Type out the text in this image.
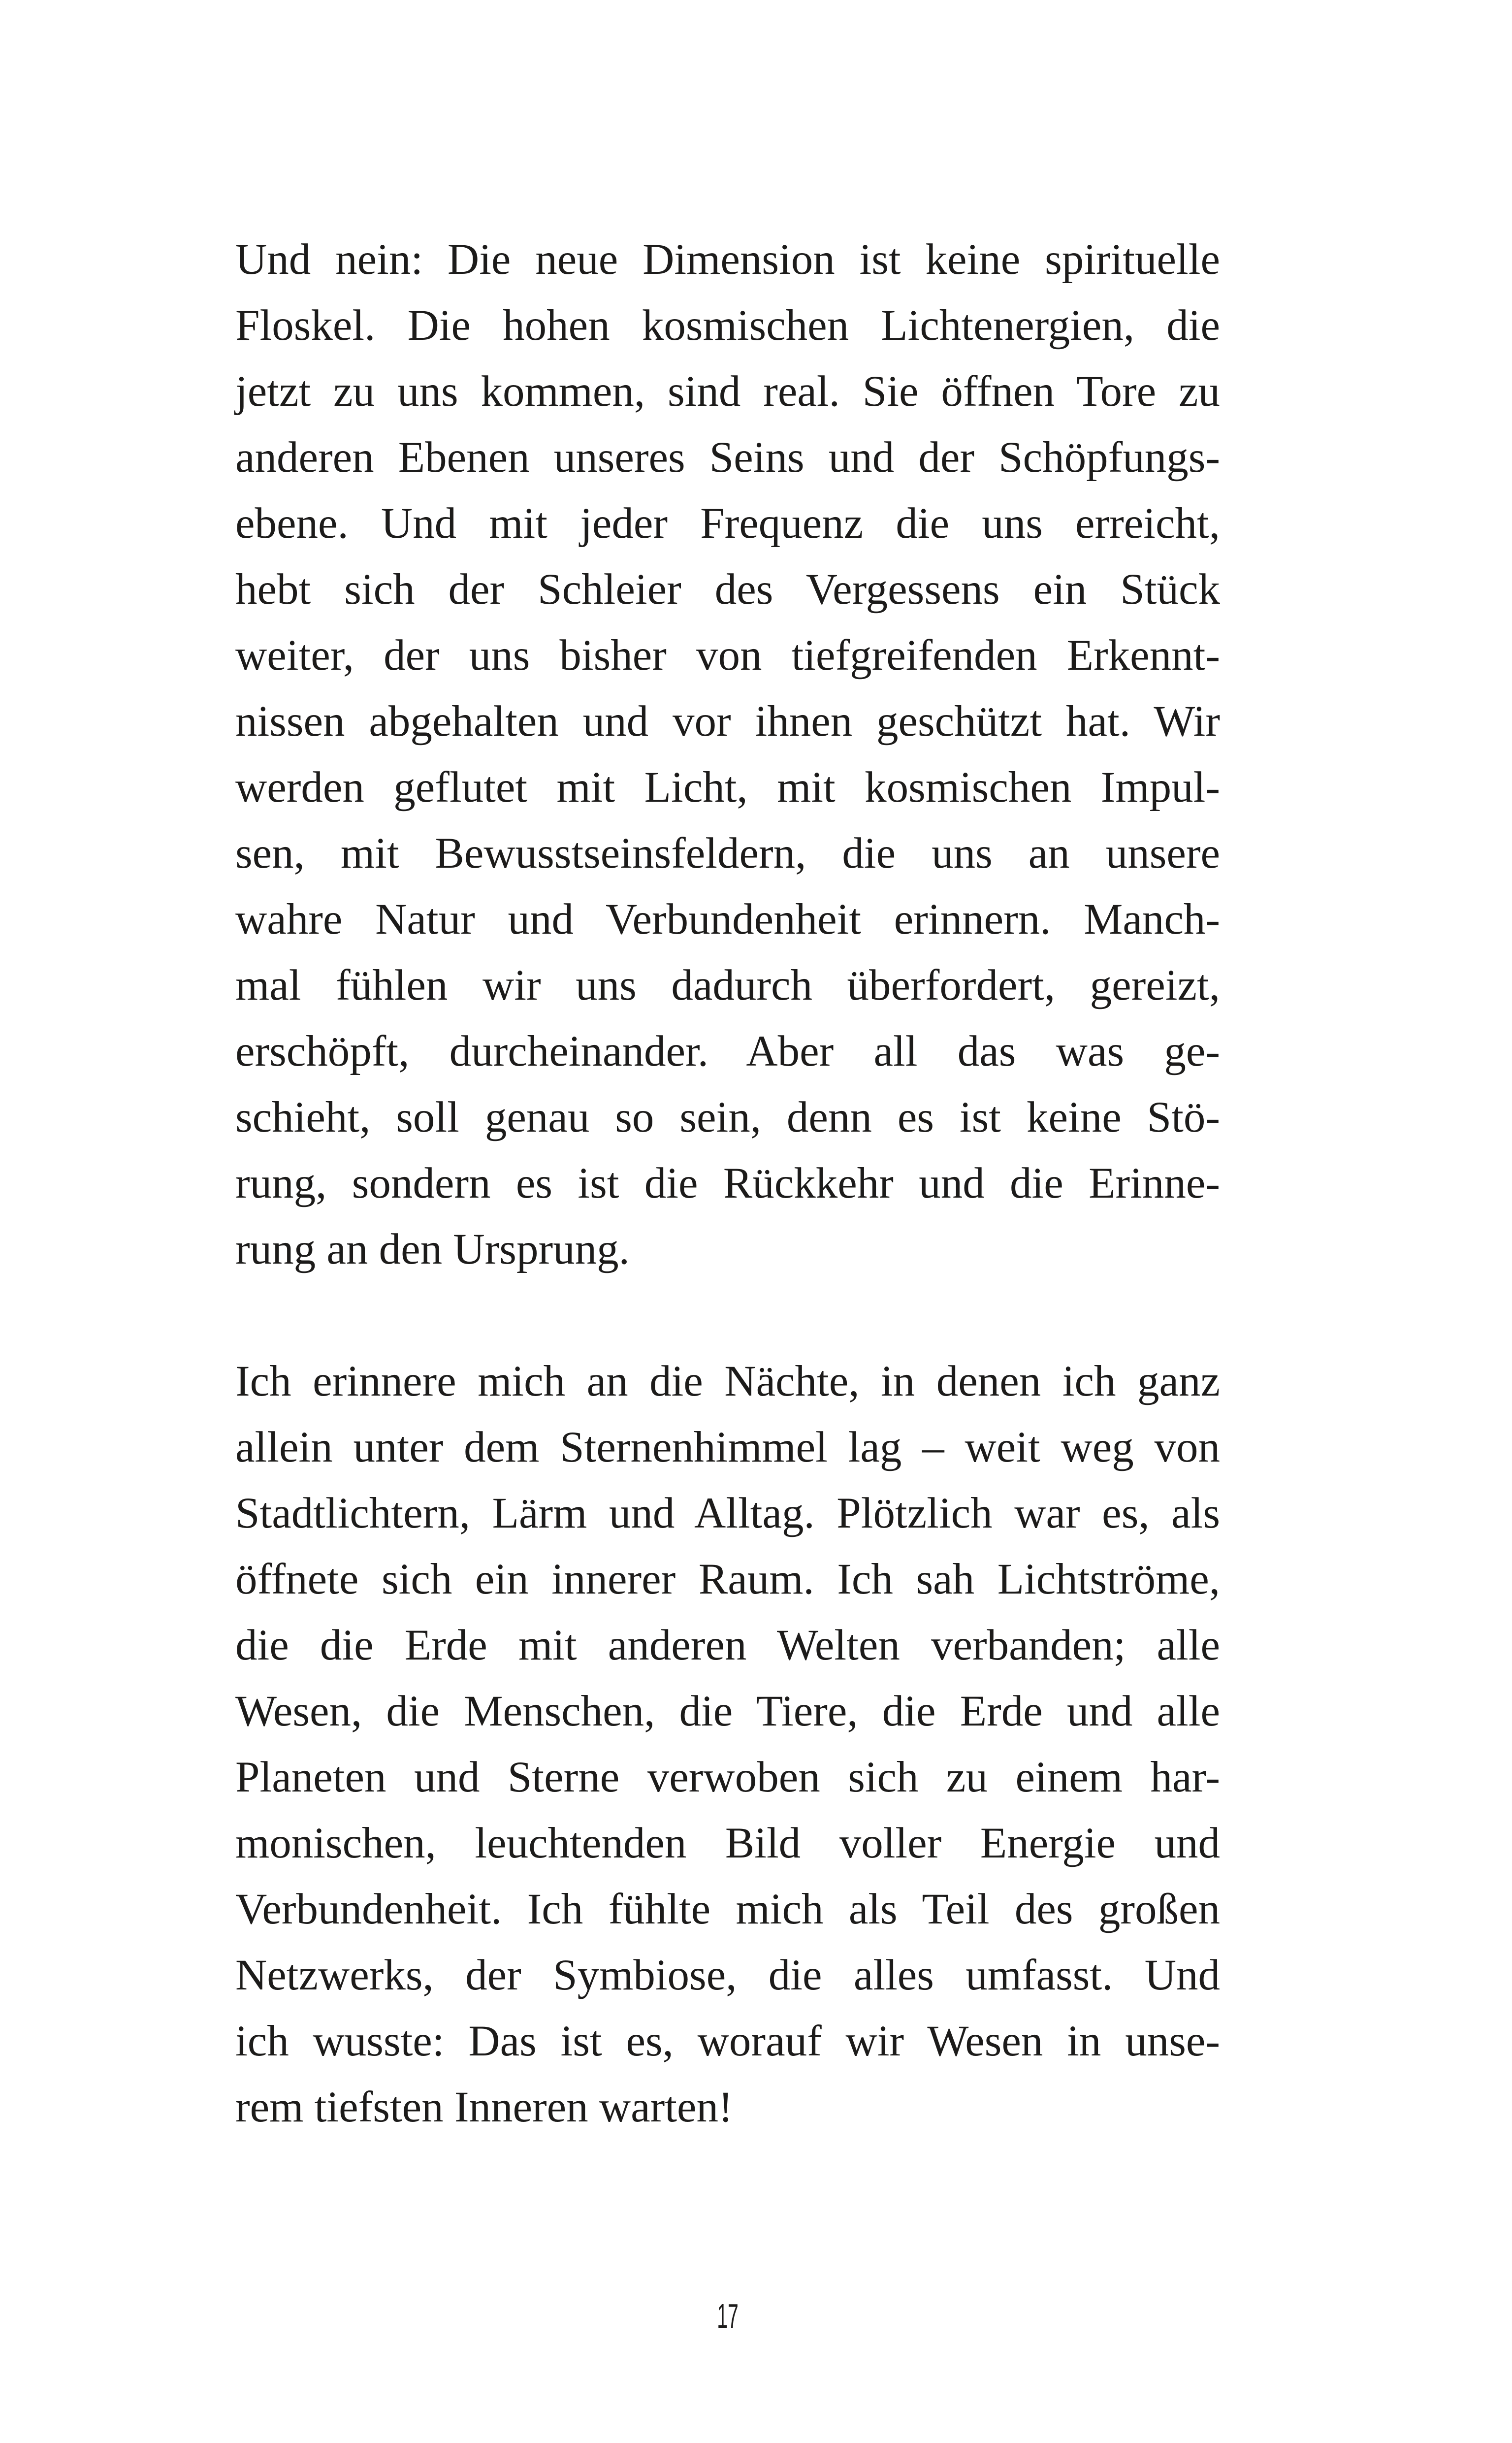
Und nein: Die neue Dimension ist keine spirituelle
Floskel. Die hohen kosmischen Lichtenergien, die
jetzt zu uns kommen, sind real. Sie öffnen Tore zu
anderen Ebenen unseres Seins und der Schöpfungs-
ebene. Und mit jeder Frequenz die uns erreicht,
hebt sich der Schleier des Vergessens ein Stück
weiter, der uns bisher von tiefgreifenden Erkennt-
nissen abgehalten und vor ihnen geschützt hat. Wir
werden geflutet mit Licht, mit kosmischen Impul-
sen, mit Bewusstseinsfeldern, die uns an unsere
wahre Natur und Verbundenheit erinnern. Manch-
mal fühlen wir uns dadurch überfordert, gereizt,
erschöpft, durcheinander. Aber all das was ge-
schieht, soll genau so sein, denn es ist keine Stö-
rung, sondern es ist die Rückkehr und die Erinne-
rung an den Ursprung.
Ich erinnere mich an die Nächte, in denen ich ganz
allein unter dem Sternenhimmel lag – weit weg von
Stadtlichtern, Lärm und Alltag. Plötzlich war es, als
öffnete sich ein innerer Raum. Ich sah Lichtströme,
die die Erde mit anderen Welten verbanden; alle
Wesen, die Menschen, die Tiere, die Erde und alle
Planeten und Sterne verwoben sich zu einem har-
monischen, leuchtenden Bild voller Energie und
Verbundenheit. Ich fühlte mich als Teil des großen
Netzwerks, der Symbiose, die alles umfasst. Und
ich wusste: Das ist es, worauf wir Wesen in unse-
rem tiefsten Inneren warten!
17
